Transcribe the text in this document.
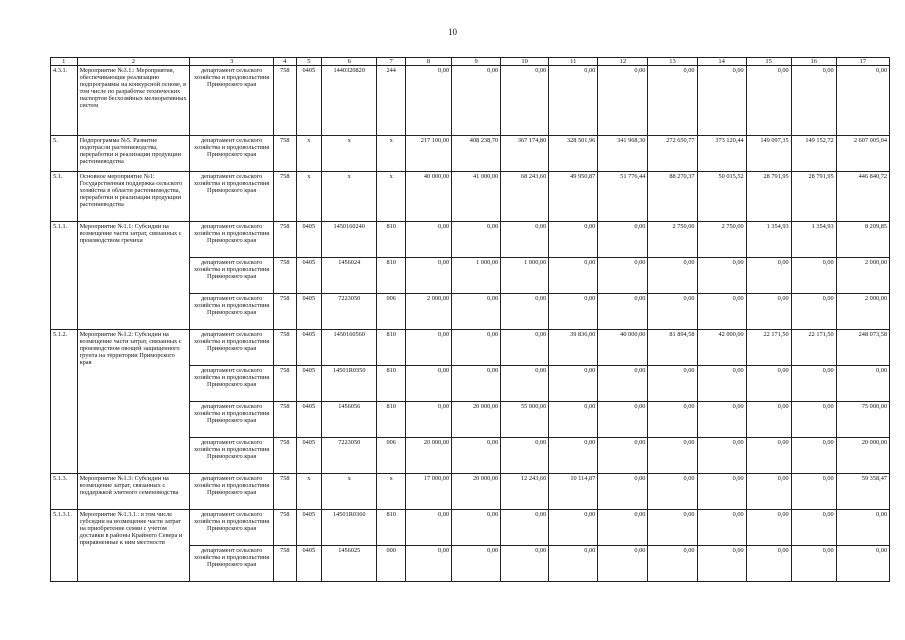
10
1	2	3	4	5	6	7	8	9	10	11	12	13	14	15	16	17
4.3.1.	Мероприятие №3.1.: Мероприятия, обеспечивающие реализацию подпрограммы на конкурсной основе, в том числе по разработке технических паспортов бесхозяйных мелиоративных систем	департамент сельского хозяйства и продовольствия Приморского края	758	0405	1440320820	244	0,00	0,00	0,00	0,00	0,00	0,00	0,00	0,00	0,00	0,00
5.	Подпрограмма №5. Развитие подотрасли растениеводства, переработки и реализации продукции растениеводства	департамент сельского хозяйства и продовольствия Приморского края	758	x	x	x	217 100,00	408 238,70	367 174,80	328 501,96	341 968,30	272 650,77	373 120,44	149 097,35	149 152,72	2 607 005,04
5.1.	Основное мероприятие №1: Государственная поддержка сельского хозяйства в области растениеводства, переработки и реализации продукции растениеводства	департамент сельского хозяйства и продовольствия Приморского края	758	x	x	x	40 000,00	41 000,00	68 243,60	49 950,87	51 776,44	88 270,37	50 015,52	28 791,95	28 791,95	446 840,72
5.1.1.	Мероприятие №1.1: Субсидии на возмещение части затрат, связанных с производством гречихи	департамент сельского хозяйства и продовольствия Приморского края	758	0405	1450160240	810	0,00	0,00	0,00	0,00	0,00	2 750,00	2 750,00	1 354,93	1 354,93	8 209,85
		департамент сельского хозяйства и продовольствия Приморского края	758	0405	1456024	810	0,00	1 000,00	1 000,00	0,00	0,00	0,00	0,00	0,00	0,00	2 000,00
		департамент сельского хозяйства и продовольствия Приморского края	758	0405	7223050	006	2 000,00	0,00	0,00	0,00	0,00	0,00	0,00	0,00	0,00	2 000,00
5.1.2.	Мероприятие №1.2: Субсидии на возмещение части затрат, связанных с производством овощей защищенного грунта на территории Приморского края	департамент сельского хозяйства и продовольствия Приморского края	758	0405	1450160560	810	0,00	0,00	0,00	39 836,00	40 000,00	81 894,58	42 000,00	22 171,50	22 171,50	248 073,58
		департамент сельского хозяйства и продовольствия Приморского края	758	0405	14501R0350	810	0,00	0,00	0,00	0,00	0,00	0,00	0,00	0,00	0,00	0,00
		департамент сельского хозяйства и продовольствия Приморского края	758	0405	1456056	810	0,00	20 000,00	55 000,00	0,00	0,00	0,00	0,00	0,00	0,00	75 000,00
		департамент сельского хозяйства и продовольствия Приморского края	758	0405	7223050	006	20 000,00	0,00	0,00	0,00	0,00	0,00	0,00	0,00	0,00	20 000,00
5.1.3.	Мероприятие №1.3: Субсидии на возмещение затрат, связанных с поддержкой элитного семеноводства	департамент сельского хозяйства и продовольствия Приморского края	758	x	x	x	17 000,00	20 000,00	12 243,60	10 114,87	0,00	0,00	0,00	0,00	0,00	59 358,47
5.1.3.1.	Мероприятие №1.3.1.: в том числе субсидии на возмещение части затрат на приобретение семян с учетом доставки в районы Крайнего Севера и приравненные к ним местности	департамент сельского хозяйства и продовольствия Приморского края	758	0405	14501R0360	810	0,00	0,00	0,00	0,00	0,00	0,00	0,00	0,00	0,00	0,00
		департамент сельского хозяйства и продовольствия Приморского края	758	0405	1456025	000	0,00	0,00	0,00	0,00	0,00	0,00	0,00	0,00	0,00	0,00
